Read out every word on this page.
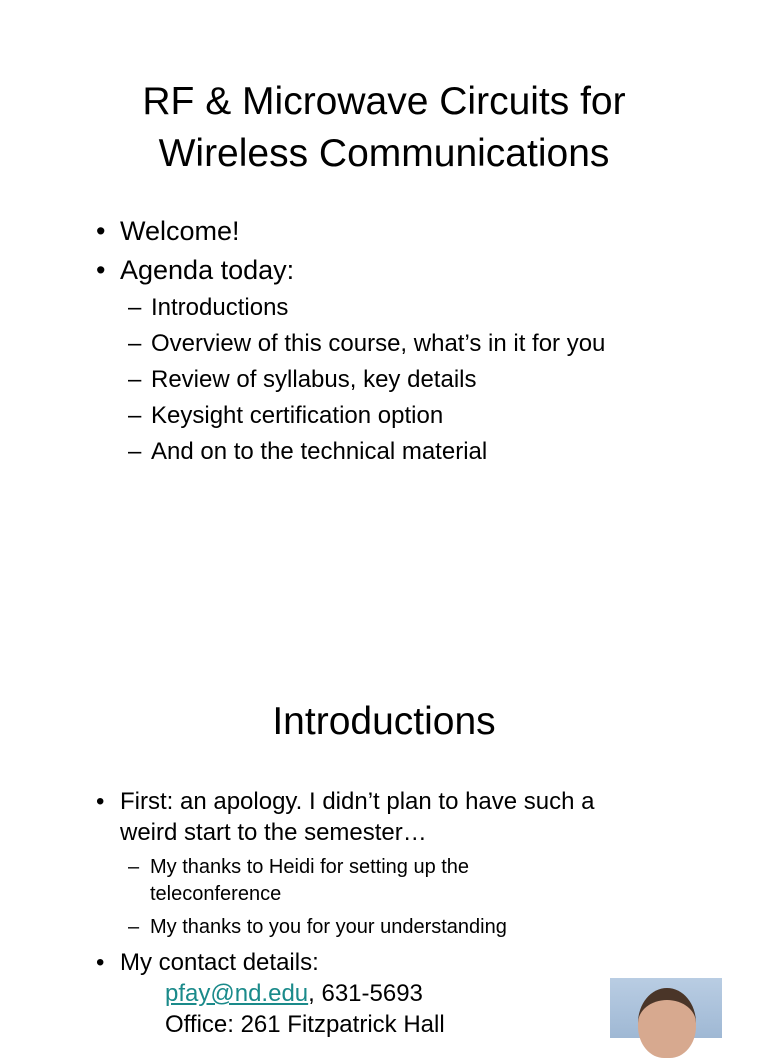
RF & Microwave Circuits for
Wireless Communications
• Welcome!
• Agenda today:
– Introductions
– Overview of this course, what’s in it for you
– Review of syllabus, key details
– Keysight certification option
– And on to the technical material
Introductions
• First: an apology. I didn’t plan to have such a
weird start to the semester…
– My thanks to Heidi for setting up the
teleconference
– My thanks to you for your understanding
• My contact details:
pfay@nd.edu, 631-5693
Office: 261 Fitzpatrick Hall
